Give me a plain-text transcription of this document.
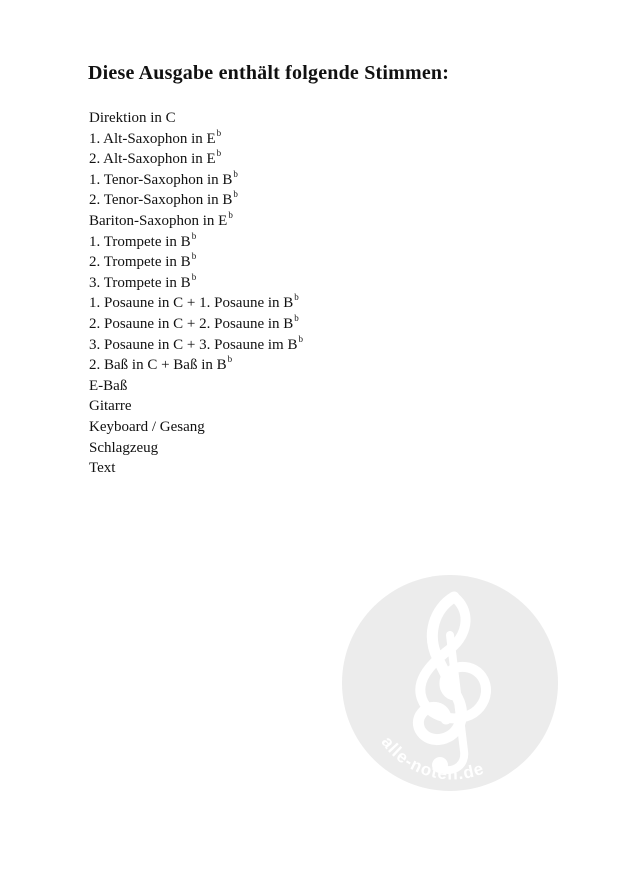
Diese Ausgabe enthält folgende Stimmen:
Direktion in C
1. Alt-Saxophon in $E^b$
2. Alt-Saxophon in $E^b$
1. Tenor-Saxophon in $B^b$
2. Tenor-Saxophon in $B^b$
Bariton-Saxophon in $E^b$
1. Trompete in $B^b$
2. Trompete in $B^b$
3. Trompete in $B^b$
1. Posaune in C + 1. Posaune in $B^b$
2. Posaune in C + 2. Posaune in $B^b$
3. Posaune in C + 3. Posaune im $B^b$
2. Baß in C + Baß in $B^b$
E-Baß
Gitarre
Keyboard / Gesang
Schlagzeug
Text
alle-noten.de
